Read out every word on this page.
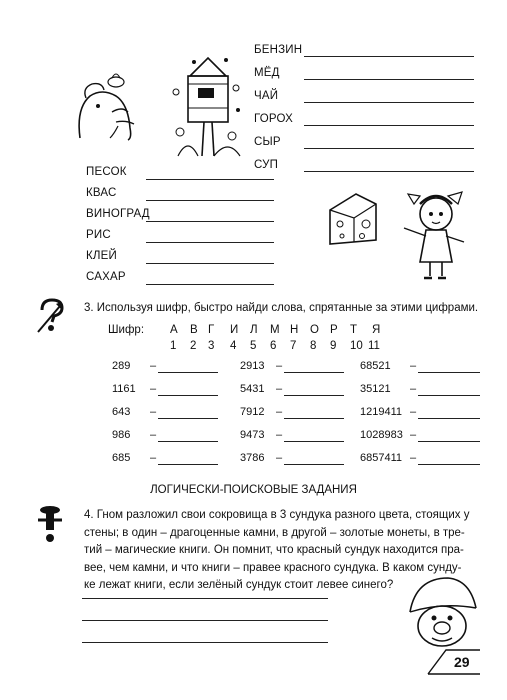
БЕНЗИН
МЁД
ЧАЙ
ГОРОХ
СЫР
СУП
ПЕСОК
КВАС
ВИНОГРАД
РИС
КЛЕЙ
САХАР
3. Используя шифр, быстро найди слова, спрятанные за этими цифрами.
Шифр: А
1
В
2
Г
3
И
4
Л
5
М
6
Н
7
О
8
Р
9
Т
10
Я
11
289 –
1161 –
643 –
986 –
685 –
2913 –
5431 –
7912 –
9473 –
3786 –
68521 –
35121 –
1219411 –
1028983 –
6857411 –
ЛОГИЧЕСКИ-ПОИСКОВЫЕ ЗАДАНИЯ
4. Гном разложил свои сокровища в 3 сундука разного цвета, стоящих у
стены; в один – драгоценные камни, в другой – золотые монеты, в тре-
тий – магические книги. Он помнит, что красный сундук находится пра-
вее, чем камни, и что книги – правее красного сундука. В каком сунду-
ке лежат книги, если зелёный сундук стоит левее синего?
29
